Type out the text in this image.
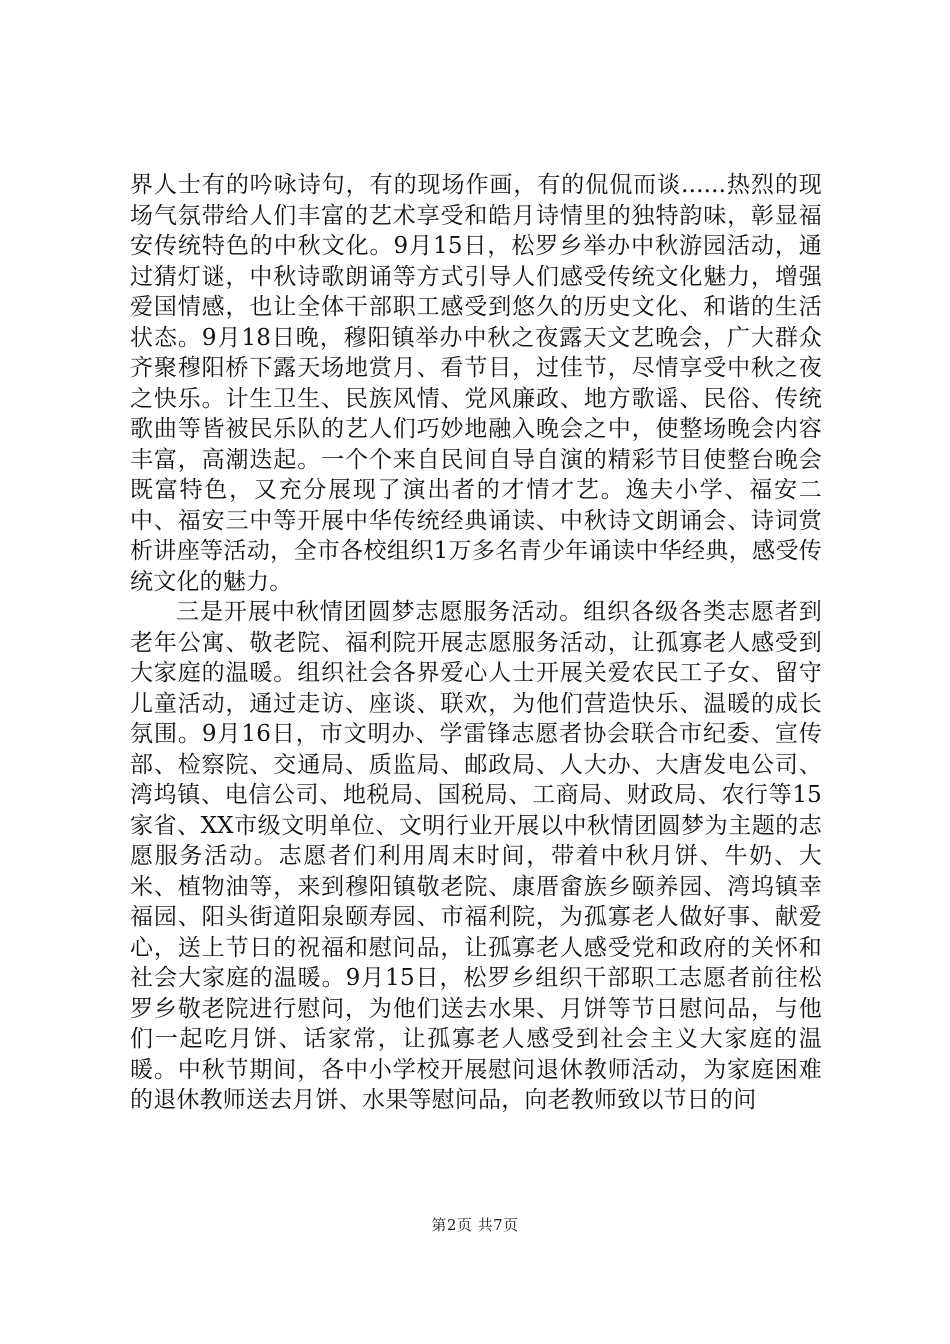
界人士有的吟咏诗句，有的现场作画，有的侃侃而谈......热烈的现场气氛带给人们丰富的艺术享受和皓月诗情里的独特韵味，彰显福安传统特色的中秋文化。9月15日，松罗乡举办中秋游园活动，通过猜灯谜，中秋诗歌朗诵等方式引导人们感受传统文化魅力，增强爱国情感，也让全体干部职工感受到悠久的历史文化、和谐的生活状态。9月18日晚，穆阳镇举办中秋之夜露天文艺晚会，广大群众齐聚穆阳桥下露天场地赏月、看节目，过佳节，尽情享受中秋之夜之快乐。计生卫生、民族风情、党风廉政、地方歌谣、民俗、传统歌曲等皆被民乐队的艺人们巧妙地融入晚会之中，使整场晚会内容丰富，高潮迭起。一个个来自民间自导自演的精彩节目使整台晚会既富特色，又充分展现了演出者的才情才艺。逸夫小学、福安二中、福安三中等开展中华传统经典诵读、中秋诗文朗诵会、诗词赏析讲座等活动，全市各校组织1万多名青少年诵读中华经典，感受传统文化的魅力。

三是开展中秋情团圆梦志愿服务活动。组织各级各类志愿者到老年公寓、敬老院、福利院开展志愿服务活动，让孤寡老人感受到大家庭的温暖。组织社会各界爱心人士开展关爱农民工子女、留守儿童活动，通过走访、座谈、联欢，为他们营造快乐、温暖的成长氛围。9月16日，市文明办、学雷锋志愿者协会联合市纪委、宣传部、检察院、交通局、质监局、邮政局、人大办、大唐发电公司、湾坞镇、电信公司、地税局、国税局、工商局、财政局、农行等15家省、XX市级文明单位、文明行业开展以中秋情团圆梦为主题的志愿服务活动。志愿者们利用周末时间，带着中秋月饼、牛奶、大米、植物油等，来到穆阳镇敬老院、康厝畲族乡颐养园、湾坞镇幸福园、阳头街道阳泉颐寿园、市福利院，为孤寡老人做好事、献爱心，送上节日的祝福和慰问品，让孤寡老人感受党和政府的关怀和社会大家庭的温暖。9月15日，松罗乡组织干部职工志愿者前往松罗乡敬老院进行慰问，为他们送去水果、月饼等节日慰问品，与他们一起吃月饼、话家常，让孤寡老人感受到社会主义大家庭的温暖。中秋节期间，各中小学校开展慰问退休教师活动，为家庭困难的退休教师送去月饼、水果等慰问品，向老教师致以节日的问

第2页 共7页
